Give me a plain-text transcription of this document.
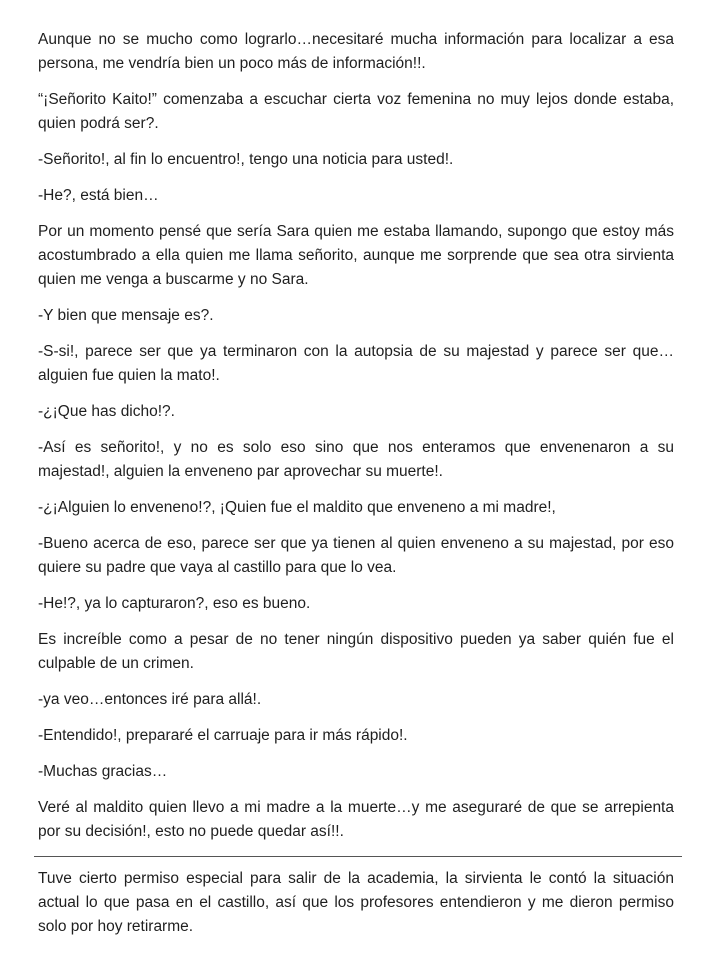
Aunque no se mucho como lograrlo…necesitaré mucha información para localizar a esa persona, me vendría bien un poco más de información!!.

“¡Señorito Kaito!” comenzaba a escuchar cierta voz femenina no muy lejos donde estaba, quien podrá ser?.

-Señorito!, al fin lo encuentro!, tengo una noticia para usted!.

-He?, está bien…

Por un momento pensé que sería Sara quien me estaba llamando, supongo que estoy más acostumbrado a ella quien me llama señorito, aunque me sorprende que sea otra sirvienta quien me venga a buscarme y no Sara.

-Y bien que mensaje es?.

-S-si!, parece ser que ya terminaron con la autopsia de su majestad y parece ser que…alguien fue quien la mato!.

-¿¡Que has dicho!?.

-Así es señorito!, y no es solo eso sino que nos enteramos que envenenaron a su majestad!, alguien la enveneno par aprovechar su muerte!.

-¿¡Alguien lo enveneno!?, ¡Quien fue el maldito que enveneno a mi madre!,

-Bueno acerca de eso, parece ser que ya tienen al quien enveneno a su majestad, por eso quiere su padre que vaya al castillo para que lo vea.

-He!?, ya lo capturaron?, eso es bueno.

Es increíble como a pesar de no tener ningún dispositivo pueden ya saber quién fue el culpable de un crimen.

-ya veo…entonces iré para allá!.

-Entendido!, prepararé el carruaje para ir más rápido!.

-Muchas gracias…

Veré al maldito quien llevo a mi madre a la muerte…y me aseguraré de que se arrepienta por su decisión!, esto no puede quedar así!!.

Tuve cierto permiso especial para salir de la academia, la sirvienta le contó la situación actual lo que pasa en el castillo, así que los profesores entendieron y me dieron permiso solo por hoy retirarme.
